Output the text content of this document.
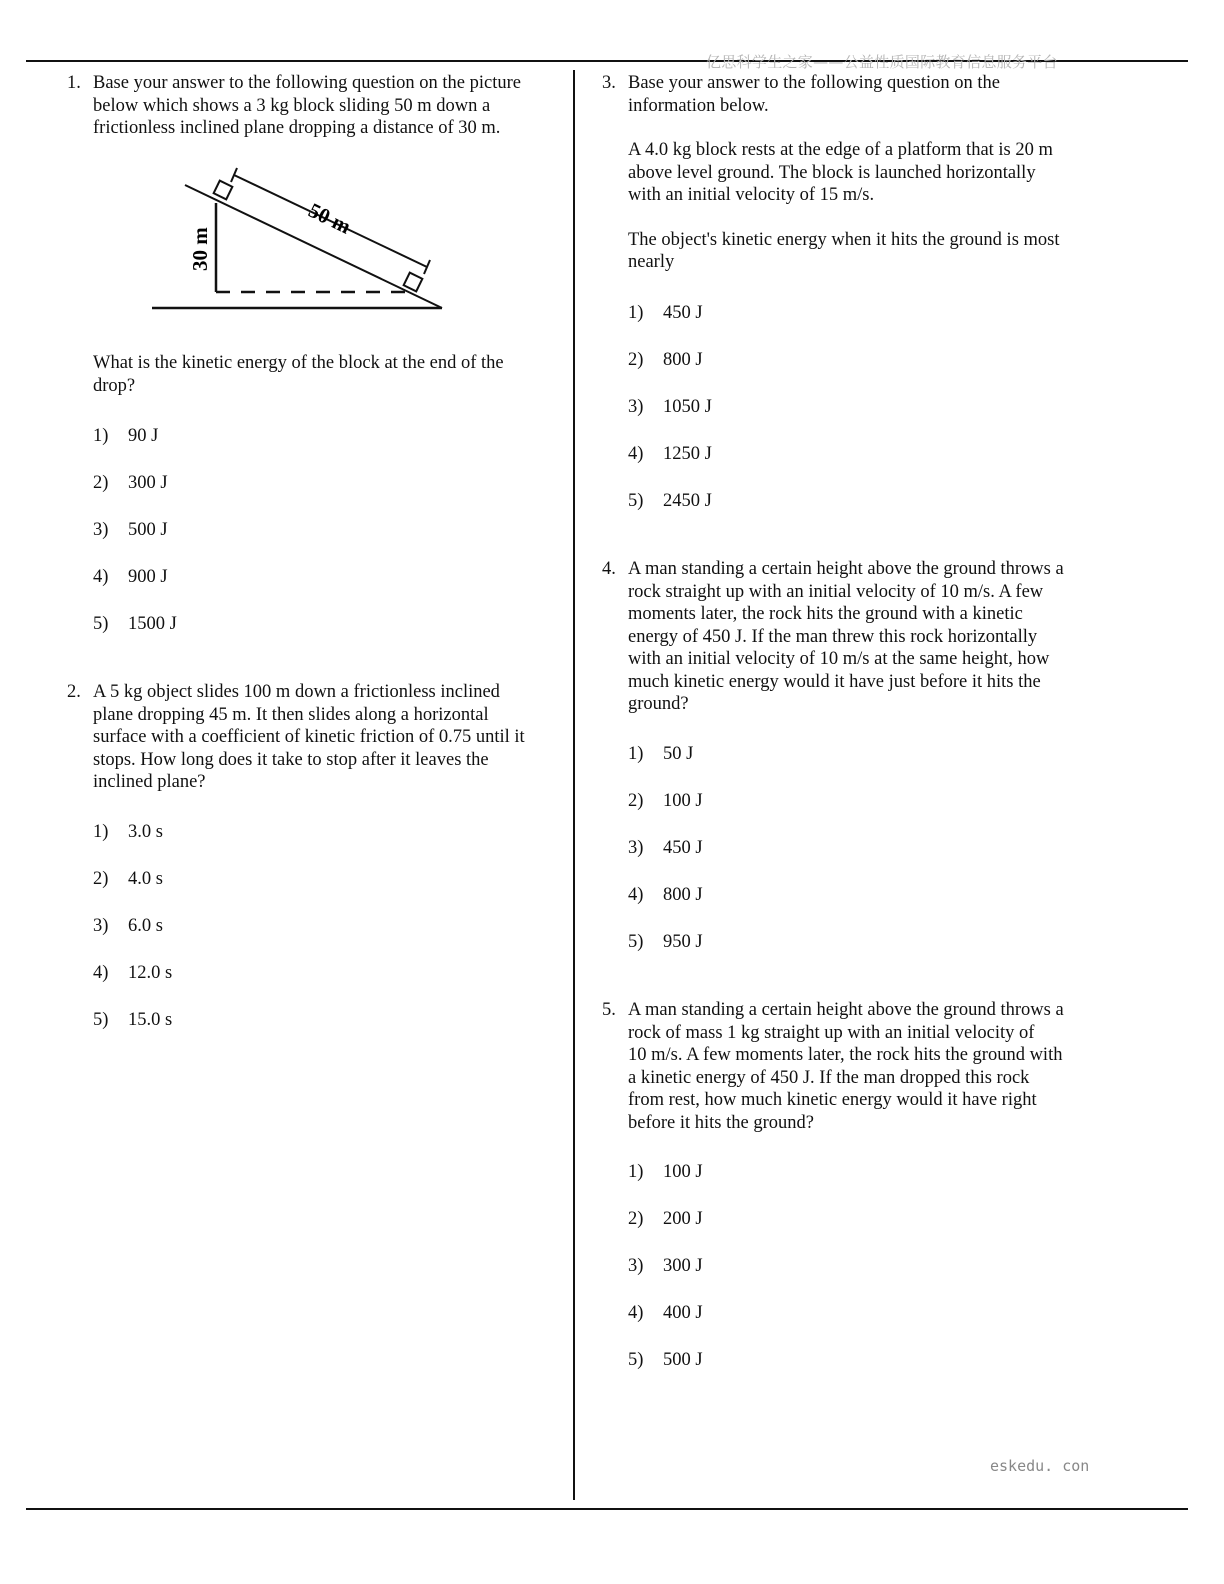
亿思科学生之家——公益性质国际教育信息服务平台
eskedu. con
1. Base your answer to the following question on the picture
below which shows a 3 kg block sliding 50 m down a
frictionless inclined plane dropping a distance of 30 m.

50 m
30 m

What is the kinetic energy of the block at the end of the
drop?

1) 90 J
2) 300 J
3) 500 J
4) 900 J
5) 1500 J
2. A 5 kg object slides 100 m down a frictionless inclined
plane dropping 45 m. It then slides along a horizontal
surface with a coefficient of kinetic friction of 0.75 until it
stops. How long does it take to stop after it leaves the
inclined plane?

1) 3.0 s
2) 4.0 s
3) 6.0 s
4) 12.0 s
5) 15.0 s
3. Base your answer to the following question on the
information below.

A 4.0 kg block rests at the edge of a platform that is 20 m
above level ground. The block is launched horizontally
with an initial velocity of 15 m/s.

The object's kinetic energy when it hits the ground is most
nearly

1) 450 J
2) 800 J
3) 1050 J
4) 1250 J
5) 2450 J
4. A man standing a certain height above the ground throws a
rock straight up with an initial velocity of 10 m/s. A few
moments later, the rock hits the ground with a kinetic
energy of 450 J. If the man threw this rock horizontally
with an initial velocity of 10 m/s at the same height, how
much kinetic energy would it have just before it hits the
ground?

1) 50 J
2) 100 J
3) 450 J
4) 800 J
5) 950 J
5. A man standing a certain height above the ground throws a
rock of mass 1 kg straight up with an initial velocity of
10 m/s. A few moments later, the rock hits the ground with
a kinetic energy of 450 J. If the man dropped this rock
from rest, how much kinetic energy would it have right
before it hits the ground?

1) 100 J
2) 200 J
3) 300 J
4) 400 J
5) 500 J
